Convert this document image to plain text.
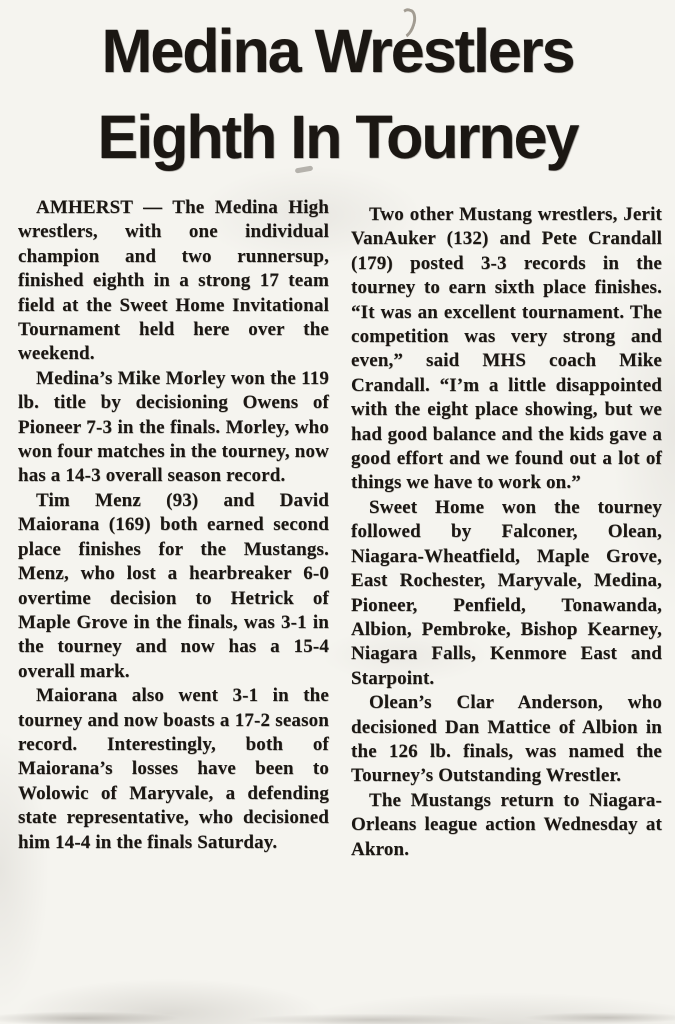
Medina Wrestlers
Eighth In Tourney

AMHERST — The Medina High wrestlers, with one individual champion and two runnersup, finished eighth in a strong 17 team field at the Sweet Home Invitational Tournament held here over the weekend.

Medina’s Mike Morley won the 119 lb. title by decisioning Owens of Pioneer 7-3 in the finals. Morley, who won four matches in the tourney, now has a 14-3 overall season record.

Tim Menz (93) and David Maiorana (169) both earned second place finishes for the Mustangs. Menz, who lost a hearbreaker 6-0 overtime decision to Hetrick of Maple Grove in the finals, was 3-1 in the tourney and now has a 15-4 overall mark.

Maiorana also went 3-1 in the tourney and now boasts a 17-2 season record. Interestingly, both of Maiorana’s losses have been to Wolowic of Maryvale, a defending state representative, who decisioned him 14-4 in the finals Saturday.

Two other Mustang wrestlers, Jerit VanAuker (132) and Pete Crandall (179) posted 3-3 records in the tourney to earn sixth place finishes. “It was an excellent tournament. The competition was very strong and even,” said MHS coach Mike Crandall. “I’m a little disappointed with the eight place showing, but we had good balance and the kids gave a good effort and we found out a lot of things we have to work on.”

Sweet Home won the tourney followed by Falconer, Olean, Niagara-Wheatfield, Maple Grove, East Rochester, Maryvale, Medina, Pioneer, Penfield, Tonawanda, Albion, Pembroke, Bishop Kearney, Niagara Falls, Kenmore East and Starpoint.

Olean’s Clar Anderson, who decisioned Dan Mattice of Albion in the 126 lb. finals, was named the Tourney’s Outstanding Wrestler.

The Mustangs return to Niagara-Orleans league action Wednesday at Akron.
